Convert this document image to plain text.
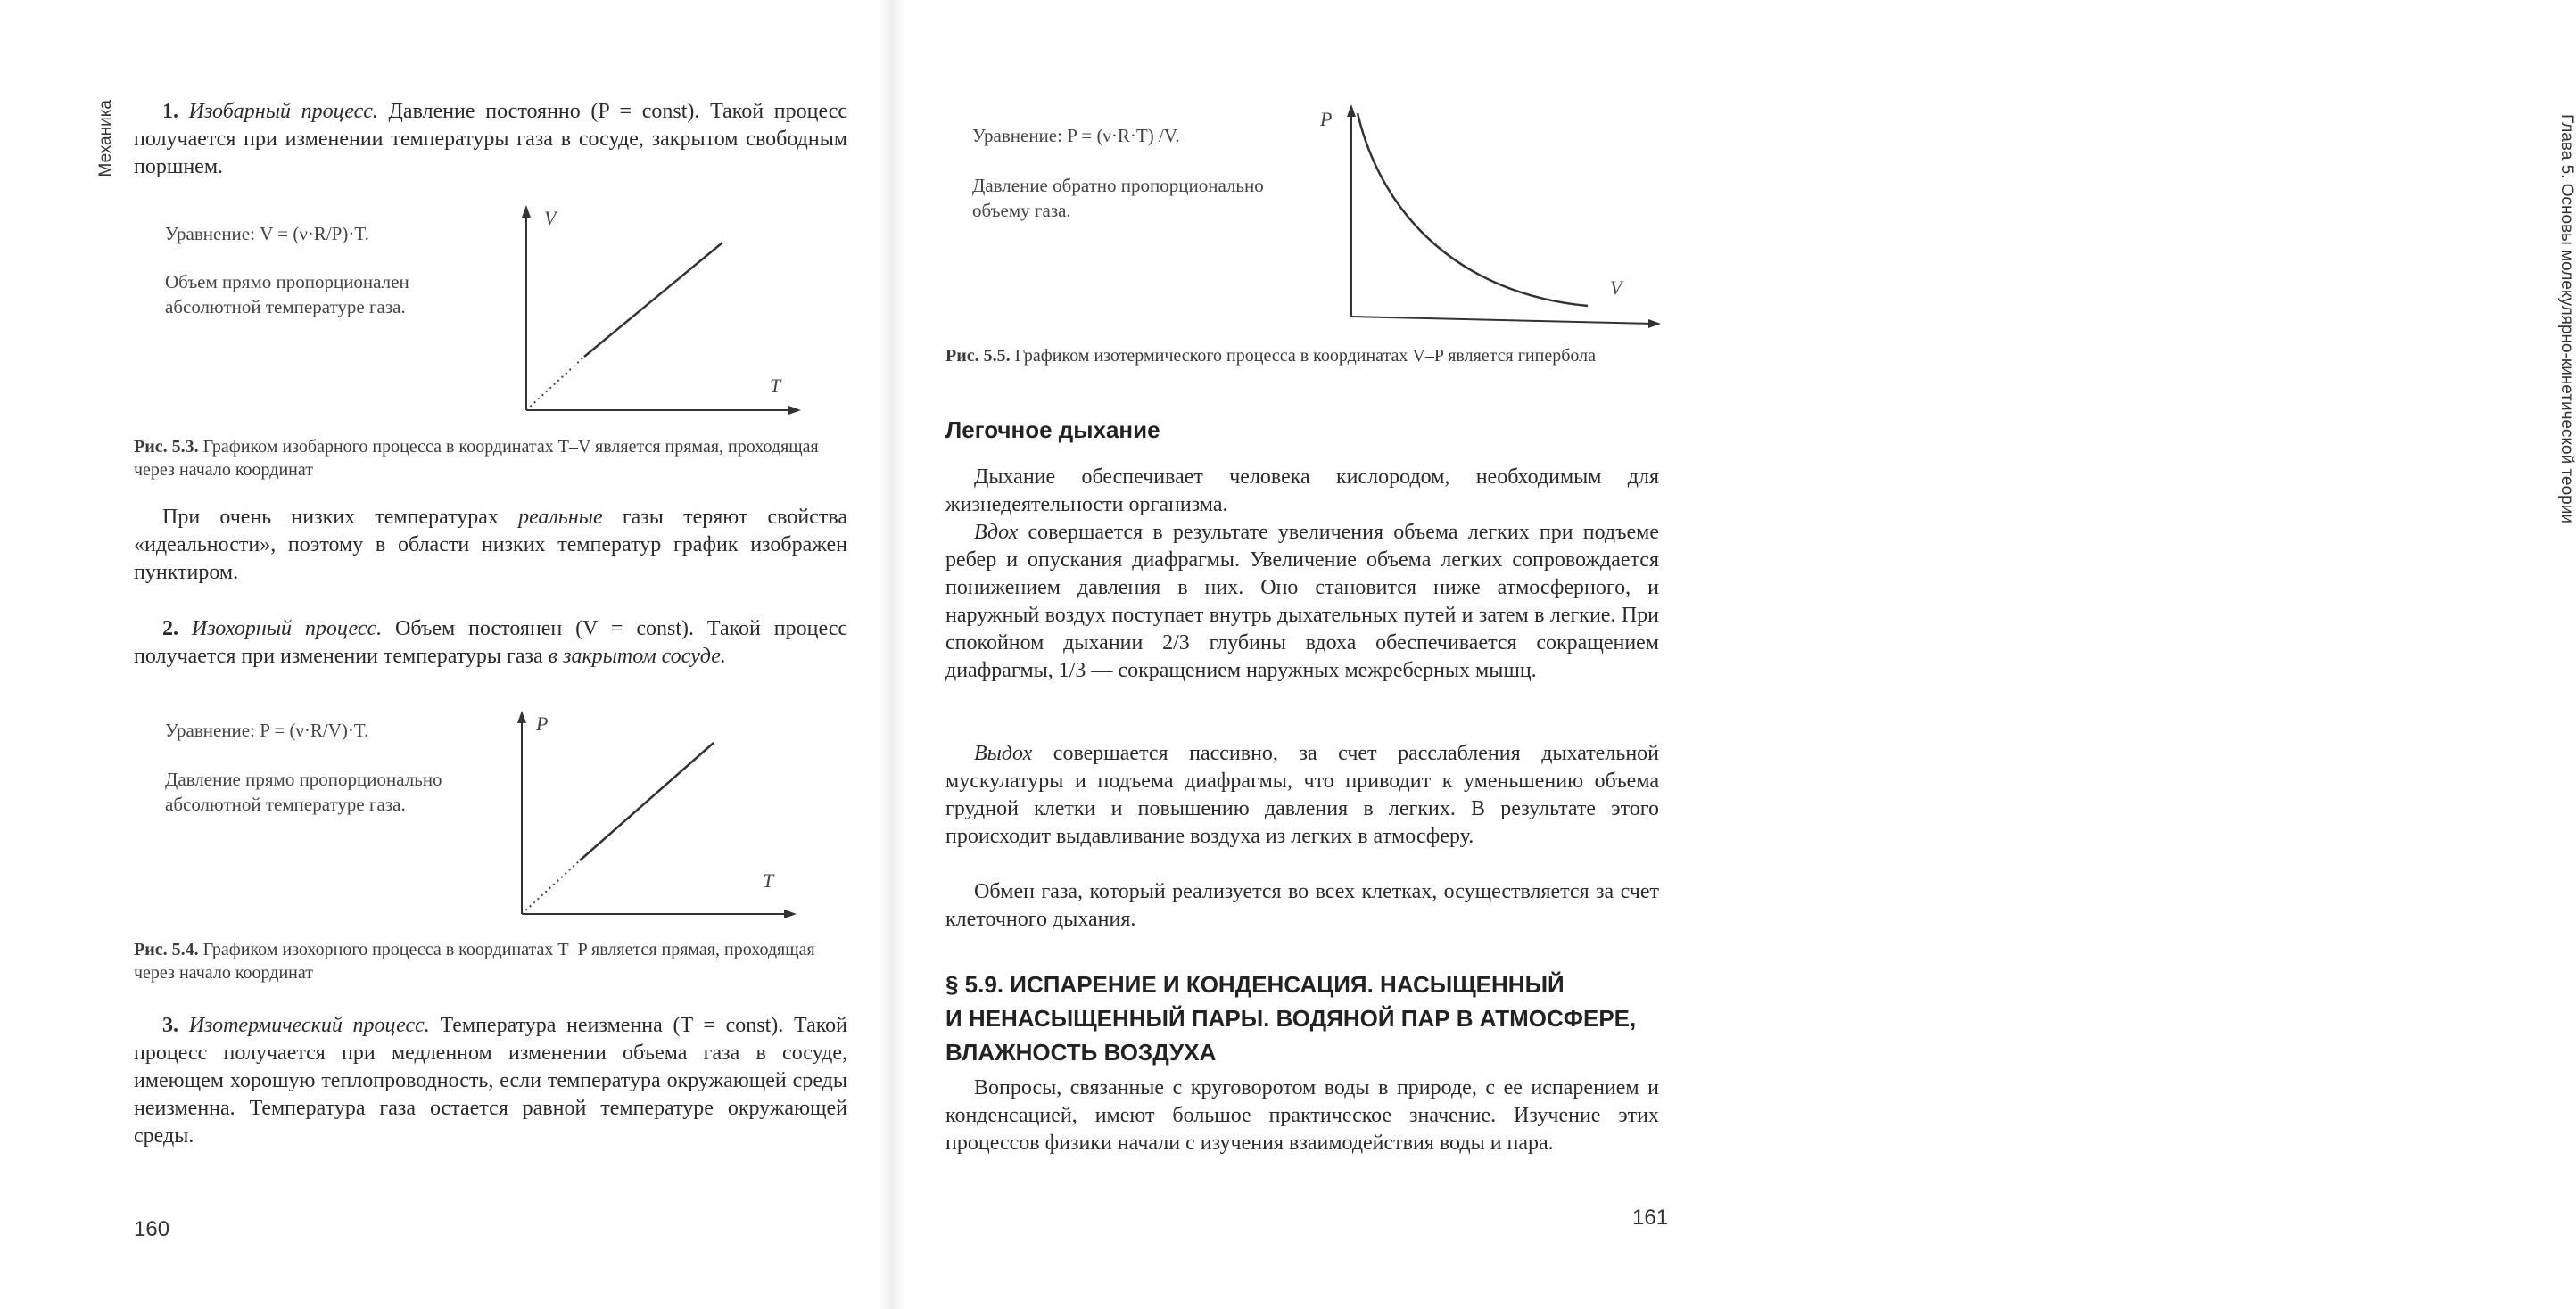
Механика	1. Изобарный процесс. Давление постоянно (P = const). Такой процесс получается при изменении температуры газа в сосуде, закрытом свободным поршнем.

Уравнение: V = (ν·R/P)·T.

Объем прямо пропорционален абсолютной температуре газа.

V
T

Рис. 5.3. Графиком изобарного процесса в координатах T–V является прямая, проходящая через начало координат

При очень низких температурах реальные газы теряют свойства «идеальности», поэтому в области низких температур график изображен пунктиром.

2. Изохорный процесс. Объем постоянен (V = const). Такой процесс получается при изменении температуры газа в закрытом сосуде.

Уравнение: P = (ν·R/V)·T.

Давление прямо пропорционально абсолютной температуре газа.

P
T

Рис. 5.4. Графиком изохорного процесса в координатах T–P является прямая, проходящая через начало координат

3. Изотермический процесс. Температура неизменна (T = const). Такой процесс получается при медленном изменении объема газа в сосуде, имеющем хорошую теплопроводность, если температура окружающей среды неизменна. Температура газа остается равной температуре окружающей среды.

160
Глава 5. Основы молекулярно-кинетической теории

Уравнение: P = (ν·R·T) /V.

Давление обратно пропорционально объему газа.

P
V

Рис. 5.5. Графиком изотермического процесса в координатах V–P является гипербола

Легочное дыхание

Дыхание обеспечивает человека кислородом, необходимым для жизнедеятельности организма.

Вдох совершается в результате увеличения объема легких при подъеме ребер и опускания диафрагмы. Увеличение объема легких сопровождается понижением давления в них. Оно становится ниже атмосферного, и наружный воздух поступает внутрь дыхательных путей и затем в легкие. При спокойном дыхании 2/3 глубины вдоха обеспечивается сокращением диафрагмы, 1/3 — сокращением наружных межреберных мышц.

Выдох совершается пассивно, за счет расслабления дыхательной мускулатуры и подъема диафрагмы, что приводит к уменьшению объема грудной клетки и повышению давления в легких. В результате этого происходит выдавливание воздуха из легких в атмосферу.

Обмен газа, который реализуется во всех клетках, осуществляется за счет клеточного дыхания.

§ 5.9. ИСПАРЕНИЕ И КОНДЕНСАЦИЯ. НАСЫЩЕННЫЙ
И НЕНАСЫЩЕННЫЙ ПАРЫ. ВОДЯНОЙ ПАР В АТМОСФЕРЕ,
ВЛАЖНОСТЬ ВОЗДУХА

Вопросы, связанные с круговоротом воды в природе, с ее испарением и конденсацией, имеют большое практическое значение. Изучение этих процессов физики начали с изучения взаимодействия воды и пара.

161
